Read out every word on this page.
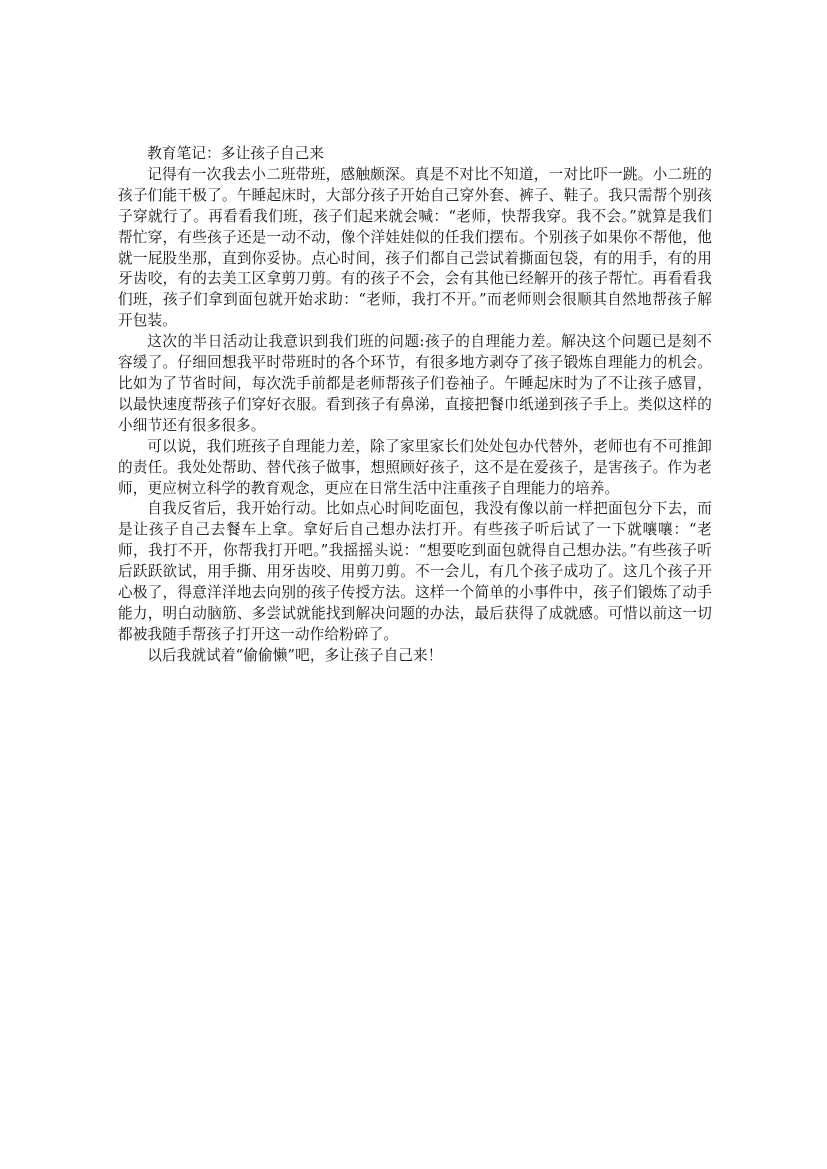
教育笔记：多让孩子自己来

记得有一次我去小二班带班，感触颇深。真是不对比不知道，一对比吓一跳。小二班的孩子们能干极了。午睡起床时，大部分孩子开始自己穿外套、裤子、鞋子。我只需帮个别孩子穿就行了。再看看我们班，孩子们起来就会喊：“老师，快帮我穿。我不会。”就算是我们帮忙穿，有些孩子还是一动不动，像个洋娃娃似的任我们摆布。个别孩子如果你不帮他，他就一屁股坐那，直到你妥协。点心时间，孩子们都自己尝试着撕面包袋，有的用手，有的用牙齿咬，有的去美工区拿剪刀剪。有的孩子不会，会有其他已经解开的孩子帮忙。再看看我们班，孩子们拿到面包就开始求助：“老师，我打不开。”而老师则会很顺其自然地帮孩子解开包装。

这次的半日活动让我意识到我们班的问题:孩子的自理能力差。解决这个问题已是刻不容缓了。仔细回想我平时带班时的各个环节，有很多地方剥夺了孩子锻炼自理能力的机会。比如为了节省时间，每次洗手前都是老师帮孩子们卷袖子。午睡起床时为了不让孩子感冒，以最快速度帮孩子们穿好衣服。看到孩子有鼻涕，直接把餐巾纸递到孩子手上。类似这样的小细节还有很多很多。

可以说，我们班孩子自理能力差，除了家里家长们处处包办代替外，老师也有不可推卸的责任。我处处帮助、替代孩子做事，想照顾好孩子，这不是在爱孩子，是害孩子。作为老师，更应树立科学的教育观念，更应在日常生活中注重孩子自理能力的培养。

自我反省后，我开始行动。比如点心时间吃面包，我没有像以前一样把面包分下去，而是让孩子自己去餐车上拿。拿好后自己想办法打开。有些孩子听后试了一下就嚷嚷：“老师，我打不开，你帮我打开吧。”我摇摇头说：“想要吃到面包就得自己想办法。”有些孩子听后跃跃欲试，用手撕、用牙齿咬、用剪刀剪。不一会儿，有几个孩子成功了。这几个孩子开心极了，得意洋洋地去向别的孩子传授方法。这样一个简单的小事件中，孩子们锻炼了动手能力，明白动脑筋、多尝试就能找到解决问题的办法，最后获得了成就感。可惜以前这一切都被我随手帮孩子打开这一动作给粉碎了。

以后我就试着“偷偷懒”吧，多让孩子自己来！
